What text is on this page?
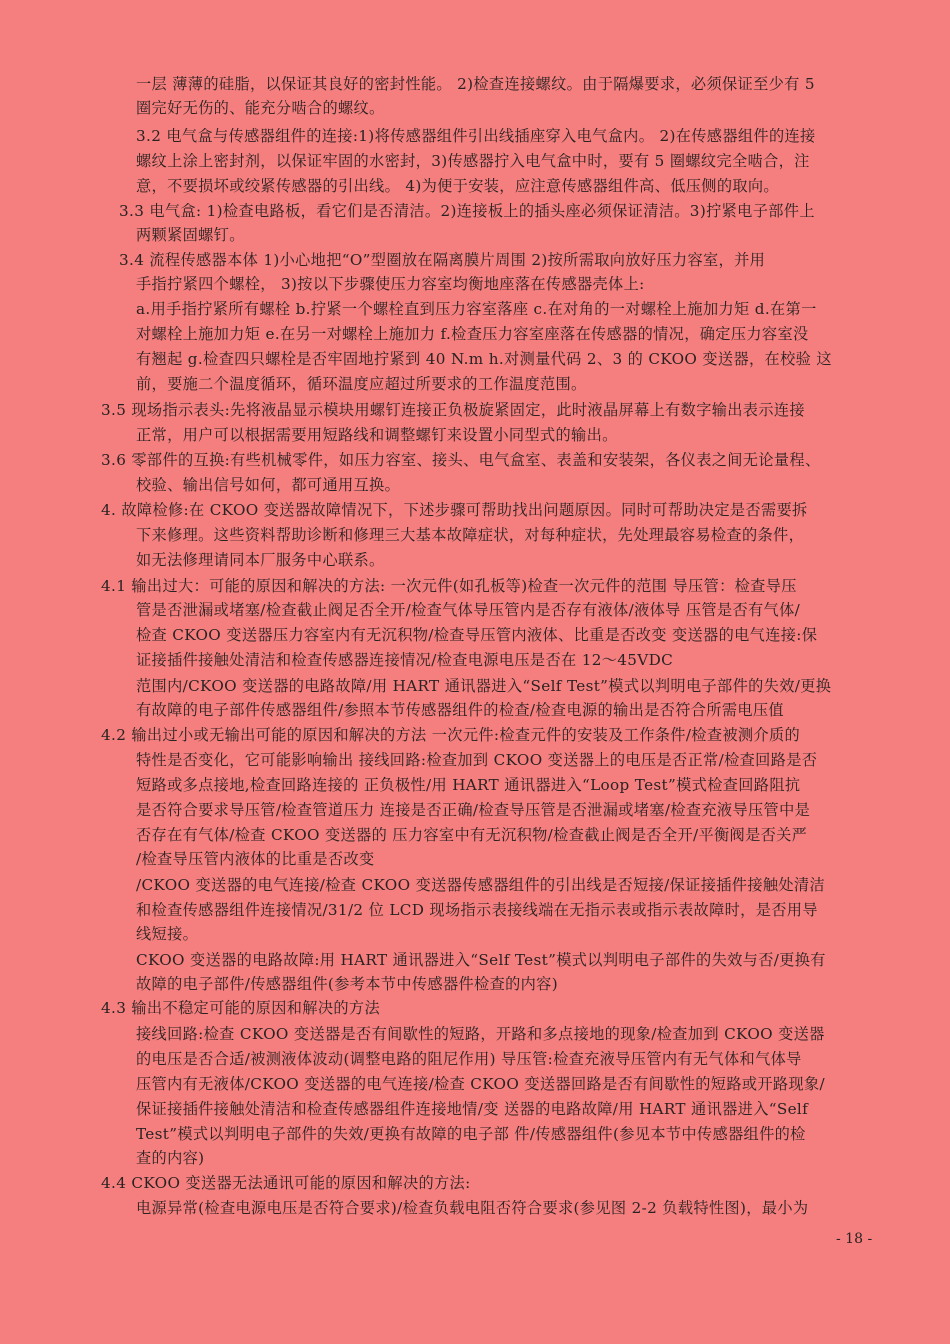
一层 薄薄的硅脂，以保证其良好的密封性能。 2)检查连接螺纹。由于隔爆要求，必须保证至少有 5
圈完好无伤的、能充分啮合的螺纹。
3.2 电气盒与传感器组件的连接:1)将传感器组件引出线插座穿入电气盒内。 2)在传感器组件的连接
螺纹上涂上密封剂，以保证牢固的水密封，3)传感器拧入电气盒中时，要有 5 圈螺纹完全啮合，注
意，不要损坏或绞紧传感器的引出线。 4)为便于安装，应注意传感器组件高、低压侧的取向。
3.3 电气盒: 1)检查电路板，看它们是否清洁。2)连接板上的插头座必须保证清洁。3)拧紧电子部件上
两颗紧固螺钉。
3.4 流程传感器本体 1)小心地把“O”型圈放在隔离膜片周围 2)按所需取向放好压力容室，并用
手指拧紧四个螺栓， 3)按以下步骤使压力容室均衡地座落在传感器壳体上:
a.用手指拧紧所有螺栓 b.拧紧一个螺栓直到压力容室落座 c.在对角的一对螺栓上施加力矩 d.在第一
对螺栓上施加力矩 e.在另一对螺栓上施加力 f.检查压力容室座落在传感器的情况，确定压力容室没
有翘起 g.检查四只螺栓是否牢固地拧紧到 40 N.m h.对测量代码 2、3 的 CKOO 变送器，在校验 这
前，要施二个温度循环，循环温度应超过所要求的工作温度范围。
3.5 现场指示表头:先将液晶显示模块用螺钉连接正负极旋紧固定，此时液晶屏幕上有数字输出表示连接
正常，用户可以根据需要用短路线和调整螺钉来设置小同型式的输出。
3.6 零部件的互换:有些机械零件，如压力容室、接头、电气盒室、表盖和安装架，各仪表之间无论量程、
校验、输出信号如何，都可通用互换。
4. 故障检修:在 CKOO 变送器故障情况下，下述步骤可帮助找出问题原因。同时可帮助决定是否需要拆
下来修理。这些资料帮助诊断和修理三大基本故障症状，对每种症状，先处理最容易检查的条件，
如无法修理请同本厂服务中心联系。
4.1 输出过大：可能的原因和解决的方法: 一次元件(如孔板等)检查一次元件的范围 导压管：检查导压
管是否泄漏或堵塞/检查截止阀足否全开/检查气体导压管内是否存有液体/液体导 压管是否有气体/
检查 CKOO 变送器压力容室内有无沉积物/检查导压管内液体、比重是否改变 变送器的电气连接:保
证接插件接触处清洁和检查传感器连接情况/检查电源电压是否在 12～45VDC
范围内/CKOO 变送器的电路故障/用 HART 通讯器进入“Self Test”模式以判明电子部件的失效/更换
有故障的电子部件传感器组件/参照本节传感器组件的检查/检查电源的输出是否符合所需电压值
4.2 输出过小或无输出可能的原因和解决的方法 一次元件:检查元件的安装及工作条件/检查被测介质的
特性是否变化，它可能影响输出 接线回路:检查加到 CKOO 变送器上的电压是否正常/检查回路是否
短路或多点接地,检查回路连接的 正负极性/用 HART 通讯器进入“Loop Test”模式检查回路阻抗
是否符合要求导压管/检查管道压力 连接是否正确/检查导压管是否泄漏或堵塞/检查充液导压管中是
否存在有气体/检查 CKOO 变送器的 压力容室中有无沉积物/检查截止阀是否全开/平衡阀是否关严
/检查导压管内液体的比重是否改变
/CKOO 变送器的电气连接/检查 CKOO 变送器传感器组件的引出线是否短接/保证接插件接触处清洁
和检查传感器组件连接情况/31/2 位 LCD 现场指示表接线端在无指示表或指示表故障时，是否用导
线短接。
CKOO 变送器的电路故障:用 HART 通讯器进入“Self Test”模式以判明电子部件的失效与否/更换有
故障的电子部件/传感器组件(参考本节中传感器件检查的内容)
4.3 输出不稳定可能的原因和解决的方法
接线回路:检查 CKOO 变送器是否有间歇性的短路，开路和多点接地的现象/检查加到 CKOO 变送器
的电压是否合适/被测液体波动(调整电路的阻尼作用) 导压管:检查充液导压管内有无气体和气体导
压管内有无液体/CKOO 变送器的电气连接/检查 CKOO 变送器回路是否有间歇性的短路或开路现象/
保证接插件接触处清洁和检查传感器组件连接地情/变 送器的电路故障/用 HART 通讯器进入“Self
Test”模式以判明电子部件的失效/更换有故障的电子部 件/传感器组件(参见本节中传感器组件的检
查的内容)
4.4 CKOO 变送器无法通讯可能的原因和解决的方法:
电源异常(检查电源电压是否符合要求)/检查负载电阻否符合要求(参见图 2-2 负载特性图)，最小为
- 18 -
